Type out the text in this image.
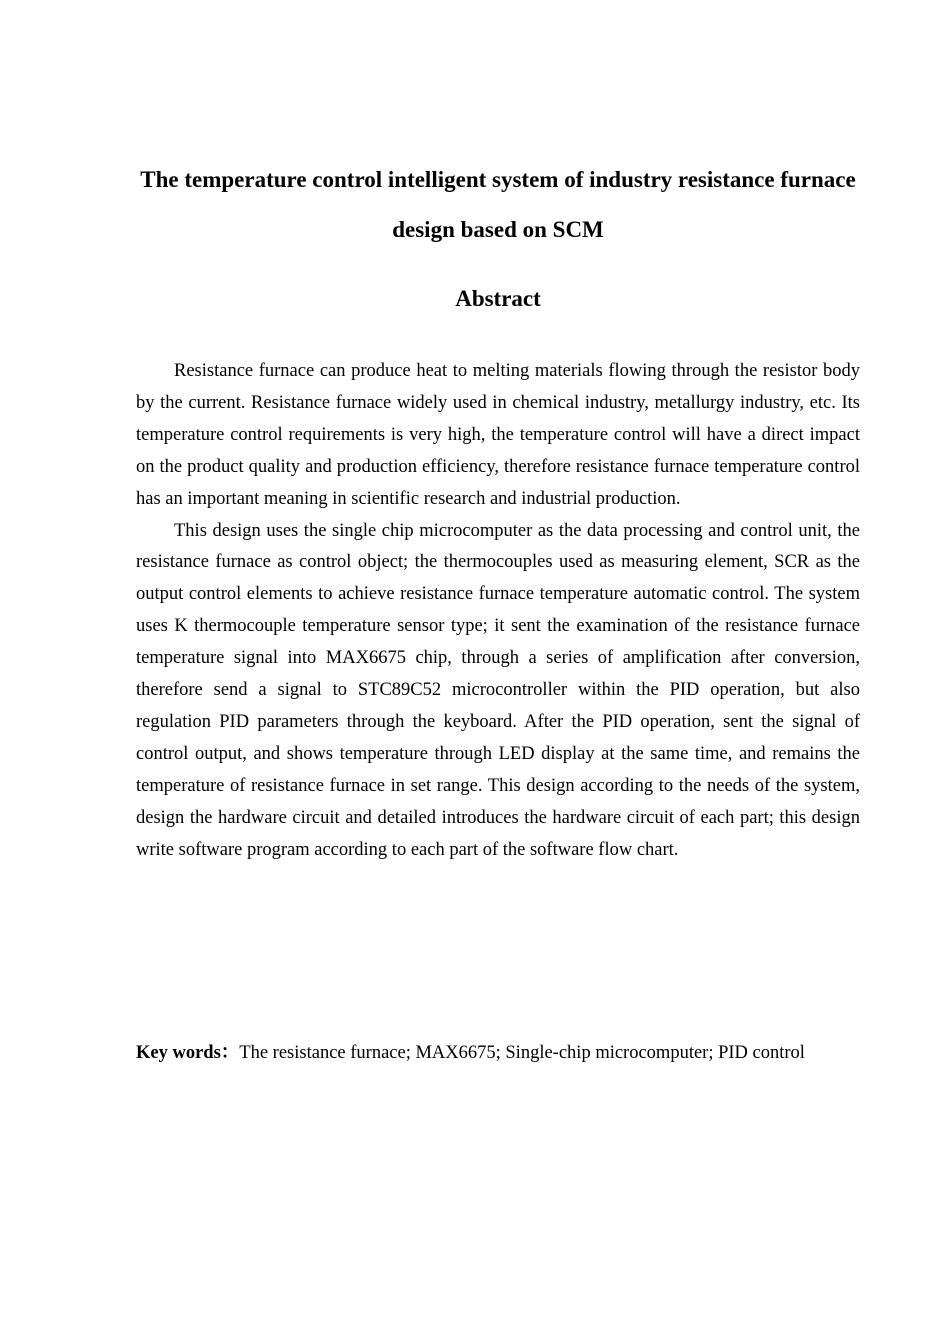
The temperature control intelligent system of industry resistance furnace design based on SCM
Abstract

Resistance furnace can produce heat to melting materials flowing through the resistor body by the current. Resistance furnace widely used in chemical industry, metallurgy industry, etc. Its temperature control requirements is very high, the temperature control will have a direct impact on the product quality and production efficiency, therefore resistance furnace temperature control has an important meaning in scientific research and industrial production.

This design uses the single chip microcomputer as the data processing and control unit, the resistance furnace as control object; the thermocouples used as measuring element, SCR as the output control elements to achieve resistance furnace temperature automatic control. The system uses K thermocouple temperature sensor type; it sent the examination of the resistance furnace temperature signal into MAX6675 chip, through a series of amplification after conversion, therefore send a signal to STC89C52 microcontroller within the PID operation, but also regulation PID parameters through the keyboard. After the PID operation, sent the signal of control output, and shows temperature through LED display at the same time, and remains the temperature of resistance furnace in set range. This design according to the needs of the system, design the hardware circuit and detailed introduces the hardware circuit of each part; this design write software program according to each part of the software flow chart.

Key words：The resistance furnace; MAX6675; Single-chip microcomputer; PID control
